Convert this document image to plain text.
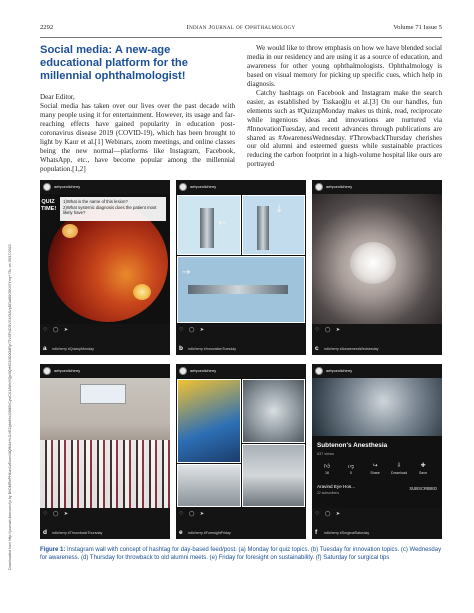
2292	Indian Journal of Ophthalmology	Volume 71 Issue 5
Downloaded from http://journals.lww.com/ijo by BhDMf5ePHKav1zEoum1tQfN4a+kJLhEZgbsIHo4XMi0hCywCX1AWnYQp/IlQrHD3i3D0OdRyi7TvSFl4Cf3VC4/OAVpDDa8KKGKV0Ymy+78= on 05/17/2023
Social media: A new-age educational platform for the millennial ophthalmologist!
Dear Editor,

Social media has taken over our lives over the past decade with many people using it for entertainment. However, its usage and far-reaching effects have gained popularity in education post-coronavirus disease 2019 (COVID-19), which has been brought to light by Kaur et al.[1] Webinars, zoom meetings, and online classes being the new normal—platforms like Instagram, Facebook, WhatsApp, etc., have become popular among the millennial population.[1,2]

We would like to throw emphasis on how we have blended social media in our residency and are using it as a source of education, and awareness for other young ophthalmologists. Ophthalmology is based on visual memory for picking up specific cues, which help in diagnosis.

Catchy hashtags on Facebook and Instagram make the search easier, as established by Tsskaoğlu et al.[3] On our handles, fun elements such as #QuizupMonday makes us think, read, reciprocate while ingenious ideas and innovations are nurtured via #InnovationTuesday, and recent advances through publications are shared as #AwarenessWednesday. #ThrowbackThursday cherishes our old alumni and esteemed guests while sustainable practices reducing the carbon footprint in a high-volume hospital like ours are portrayed

aehpondicherry
QUIZ TIME!
1)What is the name of this lesion?
2)What systemic diagnosis does the patient most likely have?
♡ ◯ ➤
ndicherry #QuizupMonday
a
aehpondicherry
←
↓
→
♡ ◯ ➤
ndicherry #InnovationTuesday
b
aehpondicherry
♡ ◯ ➤
ndicherry #AwarenessWednesday
c
aehpondicherry
♡ ◯ ➤
ndicherry #ThrowbackThursday
d
aehpondicherry
♡ ◯ ➤
ndicherry #ForesightFriday
e
aehpondicherry
Subtenon's Anesthesia
637 views
👍︎
16
👎︎
0
↪
Share
⇩
Download
✚
Save
Aravind Eye Hos...
22 subscribers
SUBSCRIBED
♡ ◯ ➤
ndicherry #SurgicalSaturday
f
Figure 1: Instagram wall with concept of hashtag for day-based feed/post. (a) Monday for quiz topics. (b) Tuesday for innovation topics. (c) Wednesday for awareness. (d) Thursday for throwback to old alumni meets. (e) Friday for foresight on sustainability. (f) Saturday for surgical tips
